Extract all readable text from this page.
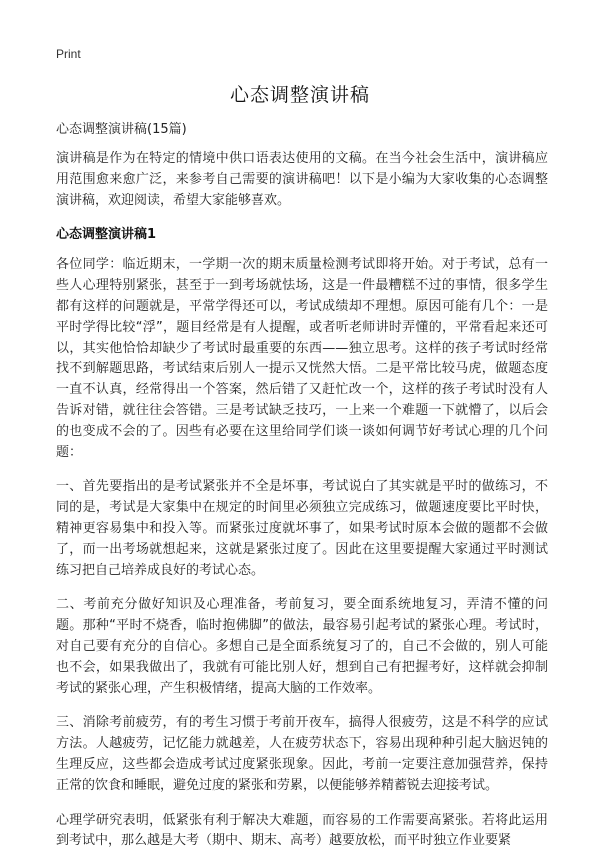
Print
心态调整演讲稿

心态调整演讲稿(15篇)

演讲稿是作为在特定的情境中供口语表达使用的文稿。在当今社会生活中，演讲稿应用范围愈来愈广泛，来参考自己需要的演讲稿吧！以下是小编为大家收集的心态调整演讲稿，欢迎阅读，希望大家能够喜欢。

心态调整演讲稿1

各位同学：临近期末，一学期一次的期末质量检测考试即将开始。对于考试，总有一些人心理特别紧张，甚至于一到考场就怯场，这是一件最糟糕不过的事情，很多学生都有这样的问题就是，平常学得还可以，考试成绩却不理想。原因可能有几个：一是平时学得比较“浮”，题目经常是有人提醒，或者听老师讲时弄懂的，平常看起来还可以，其实他恰恰却缺少了考试时最重要的东西——独立思考。这样的孩子考试时经常找不到解题思路，考试结束后别人一提示又恍然大悟。二是平常比较马虎，做题态度一直不认真，经常得出一个答案，然后错了又赶忙改一个，这样的孩子考试时没有人告诉对错，就往往会答错。三是考试缺乏技巧，一上来一个难题一下就懵了，以后会的也变成不会的了。因些有必要在这里给同学们谈一谈如何调节好考试心理的几个问题：

一、首先要指出的是考试紧张并不全是坏事，考试说白了其实就是平时的做练习，不同的是，考试是大家集中在规定的时间里必须独立完成练习，做题速度要比平时快，精神更容易集中和投入等。而紧张过度就坏事了，如果考试时原本会做的题都不会做了，而一出考场就想起来，这就是紧张过度了。因此在这里要提醒大家通过平时测试练习把自己培养成良好的考试心态。

二、考前充分做好知识及心理准备，考前复习，要全面系统地复习，弄清不懂的问题。那种“平时不烧香，临时抱佛脚”的做法，最容易引起考试的紧张心理。考试时，对自己要有充分的自信心。多想自己是全面系统复习了的，自己不会做的，别人可能也不会，如果我做出了，我就有可能比别人好，想到自己有把握考好，这样就会抑制考试的紧张心理，产生积极情绪，提高大脑的工作效率。

三、消除考前疲劳，有的考生习惯于考前开夜车，搞得人很疲劳，这是不科学的应试方法。人越疲劳，记忆能力就越差，人在疲劳状态下，容易出现种种引起大脑迟钝的生理反应，这些都会造成考试过度紧张现象。因此，考前一定要注意加强营养，保持正常的饮食和睡眠，避免过度的紧张和劳累，以便能够养精蓄锐去迎接考试。

心理学研究表明，低紧张有利于解决大难题，而容易的工作需要高紧张。若将此运用到考试中，那么越是大考（期中、期末、高考）越要放松，而平时独立作业要紧
